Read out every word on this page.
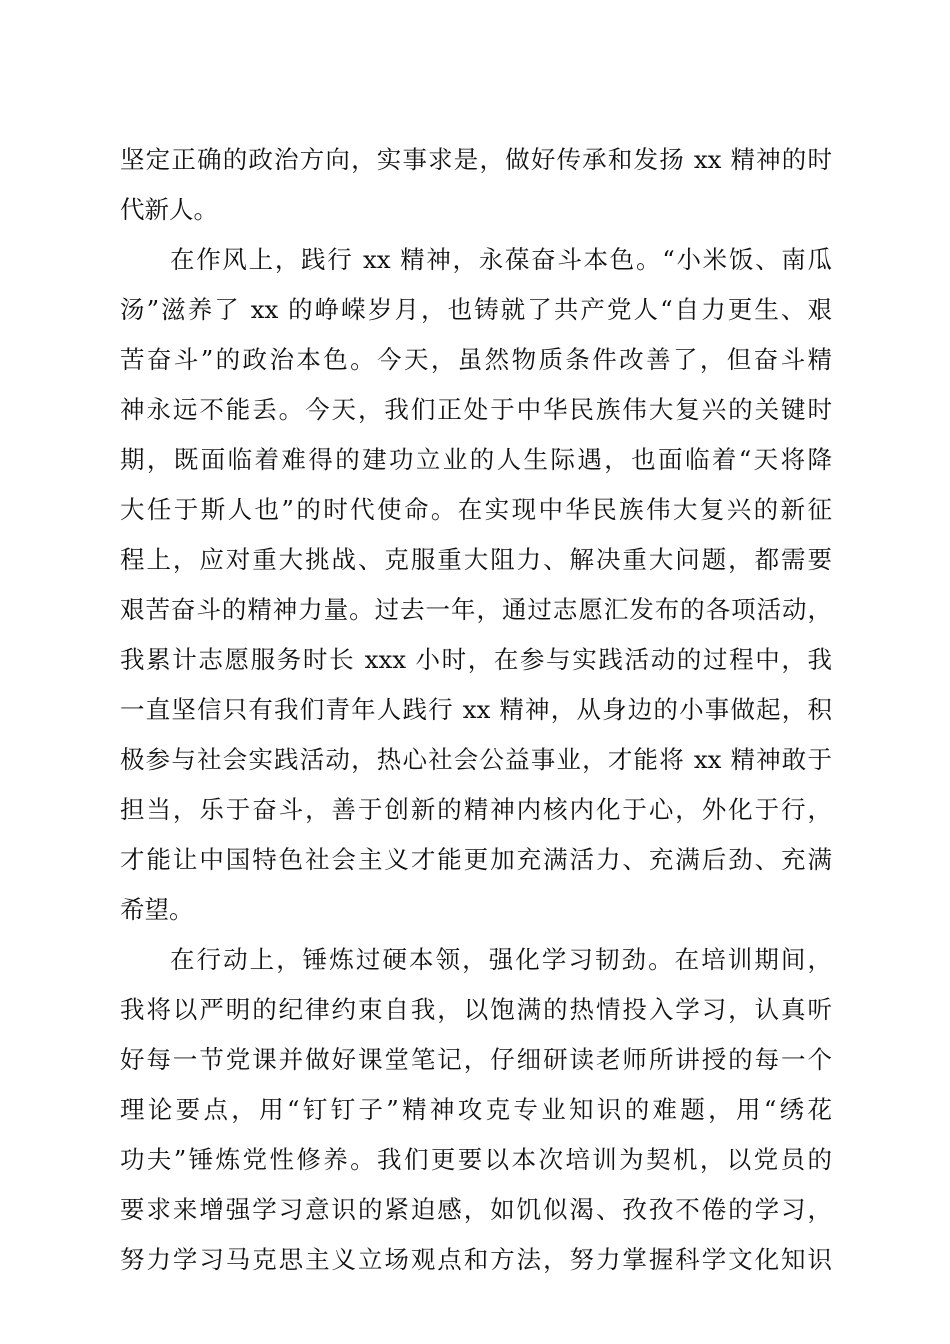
坚定正确的政治方向，实事求是，做好传承和发扬 xx 精神的时
代新人。
在作风上，践行 xx 精神，永葆奋斗本色。“小米饭、南瓜
汤”滋养了 xx 的峥嵘岁月，也铸就了共产党人“自力更生、艰
苦奋斗”的政治本色。今天，虽然物质条件改善了，但奋斗精
神永远不能丢。今天，我们正处于中华民族伟大复兴的关键时
期，既面临着难得的建功立业的人生际遇，也面临着“天将降
大任于斯人也”的时代使命。在实现中华民族伟大复兴的新征
程上，应对重大挑战、克服重大阻力、解决重大问题，都需要
艰苦奋斗的精神力量。过去一年，通过志愿汇发布的各项活动，
我累计志愿服务时长 xxx 小时，在参与实践活动的过程中，我
一直坚信只有我们青年人践行 xx 精神，从身边的小事做起，积
极参与社会实践活动，热心社会公益事业，才能将 xx 精神敢于
担当，乐于奋斗，善于创新的精神内核内化于心，外化于行，
才能让中国特色社会主义才能更加充满活力、充满后劲、充满
希望。
在行动上，锤炼过硬本领，强化学习韧劲。在培训期间，
我将以严明的纪律约束自我，以饱满的热情投入学习，认真听
好每一节党课并做好课堂笔记，仔细研读老师所讲授的每一个
理论要点，用“钉钉子”精神攻克专业知识的难题，用“绣花
功夫”锤炼党性修养。我们更要以本次培训为契机，以党员的
要求来增强学习意识的紧迫感，如饥似渴、孜孜不倦的学习，
努力学习马克思主义立场观点和方法，努力掌握科学文化知识
